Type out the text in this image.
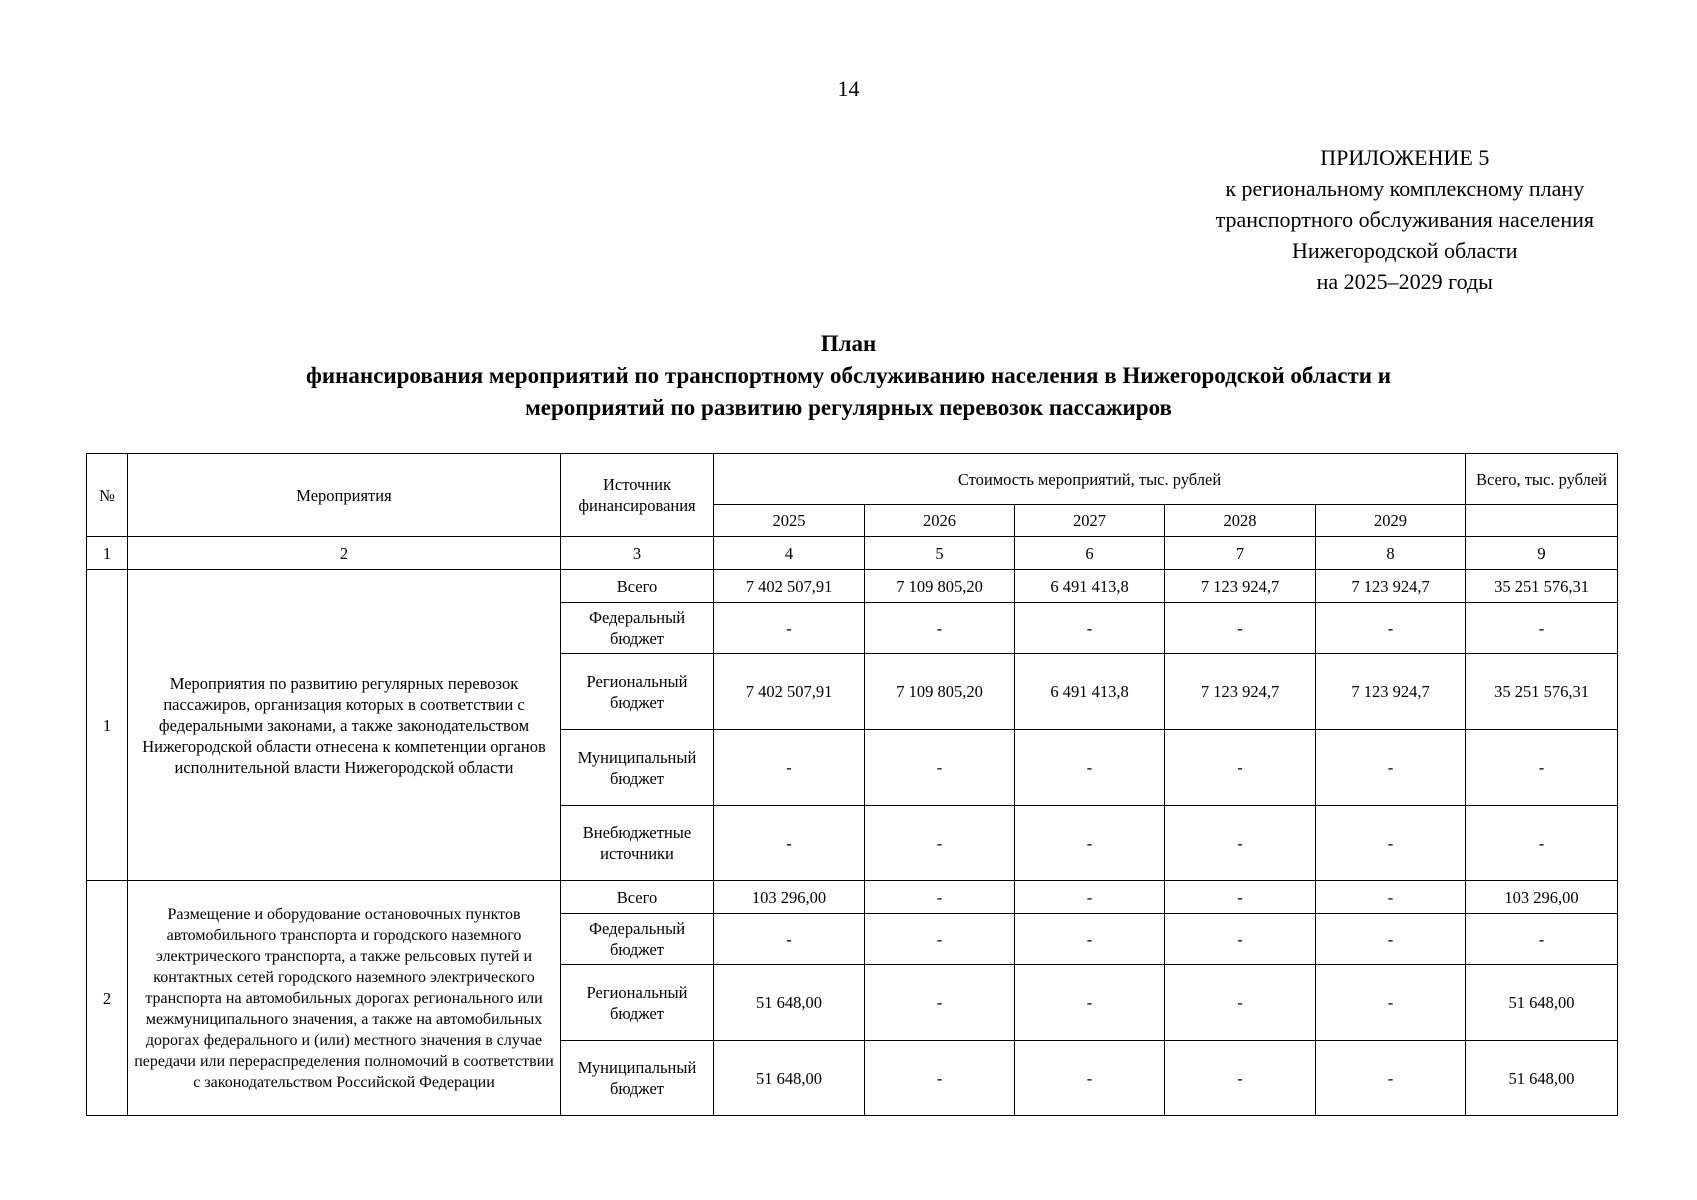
14
ПРИЛОЖЕНИЕ 5
к региональному комплексному плану
транспортного обслуживания населения
Нижегородской области
на 2025–2029 годы
План
финансирования мероприятий по транспортному обслуживанию населения в Нижегородской области и
мероприятий по развитию регулярных перевозок пассажиров
№	Мероприятия	Источник финансирования	Стоимость мероприятий, тыс. рублей					Всего, тыс. рублей
			2025	2026	2027	2028	2029	
1	2	3	4	5	6	7	8	9
1	Мероприятия по развитию регулярных перевозок пассажиров, организация которых в соответствии с федеральными законами, а также законодательством Нижегородской области отнесена к компетенции органов исполнительной власти Нижегородской области	Всего	7 402 507,91	7 109 805,20	6 491 413,8	7 123 924,7	7 123 924,7	35 251 576,31
		Федеральный бюджет	-	-	-	-	-	-
		Региональный бюджет	7 402 507,91	7 109 805,20	6 491 413,8	7 123 924,7	7 123 924,7	35 251 576,31
		Муниципальный бюджет	-	-	-	-	-	-
		Внебюджетные источники	-	-	-	-	-	-
2	Размещение и оборудование остановочных пунктов автомобильного транспорта и городского наземного электрического транспорта, а также рельсовых путей и контактных сетей городского наземного электрического транспорта на автомобильных дорогах регионального или межмуниципального значения, а также на автомобильных дорогах федерального и (или) местного значения в случае передачи или перераспределения полномочий в соответствии с законодательством Российской Федерации	Всего	103 296,00	-	-	-	-	103 296,00
		Федеральный бюджет	-	-	-	-	-	-
		Региональный бюджет	51 648,00	-	-	-	-	51 648,00
		Муниципальный бюджет	51 648,00	-	-	-	-	51 648,00
